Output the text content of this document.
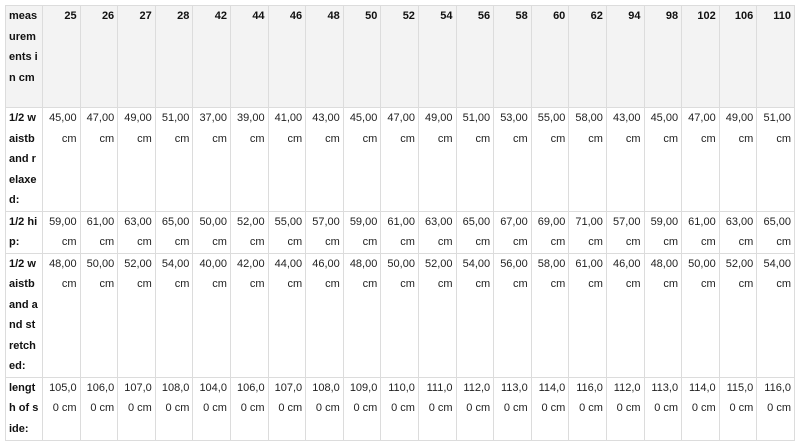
measurements in cm	25	26	27	28	42	44	46	48	50	52	54	56	58	60	62	94	98	102	106	110
1/2 waistband relaxed:	45,00 cm	47,00 cm	49,00 cm	51,00 cm	37,00 cm	39,00 cm	41,00 cm	43,00 cm	45,00 cm	47,00 cm	49,00 cm	51,00 cm	53,00 cm	55,00 cm	58,00 cm	43,00 cm	45,00 cm	47,00 cm	49,00 cm	51,00 cm
1/2 hip:	59,00 cm	61,00 cm	63,00 cm	65,00 cm	50,00 cm	52,00 cm	55,00 cm	57,00 cm	59,00 cm	61,00 cm	63,00 cm	65,00 cm	67,00 cm	69,00 cm	71,00 cm	57,00 cm	59,00 cm	61,00 cm	63,00 cm	65,00 cm
1/2 waistband and stretched:	48,00 cm	50,00 cm	52,00 cm	54,00 cm	40,00 cm	42,00 cm	44,00 cm	46,00 cm	48,00 cm	50,00 cm	52,00 cm	54,00 cm	56,00 cm	58,00 cm	61,00 cm	46,00 cm	48,00 cm	50,00 cm	52,00 cm	54,00 cm
length of side:	105,00 cm	106,00 cm	107,00 cm	108,00 cm	104,00 cm	106,00 cm	107,00 cm	108,00 cm	109,00 cm	110,00 cm	111,00 cm	112,00 cm	113,00 cm	114,00 cm	116,00 cm	112,00 cm	113,00 cm	114,00 cm	115,00 cm	116,00 cm
